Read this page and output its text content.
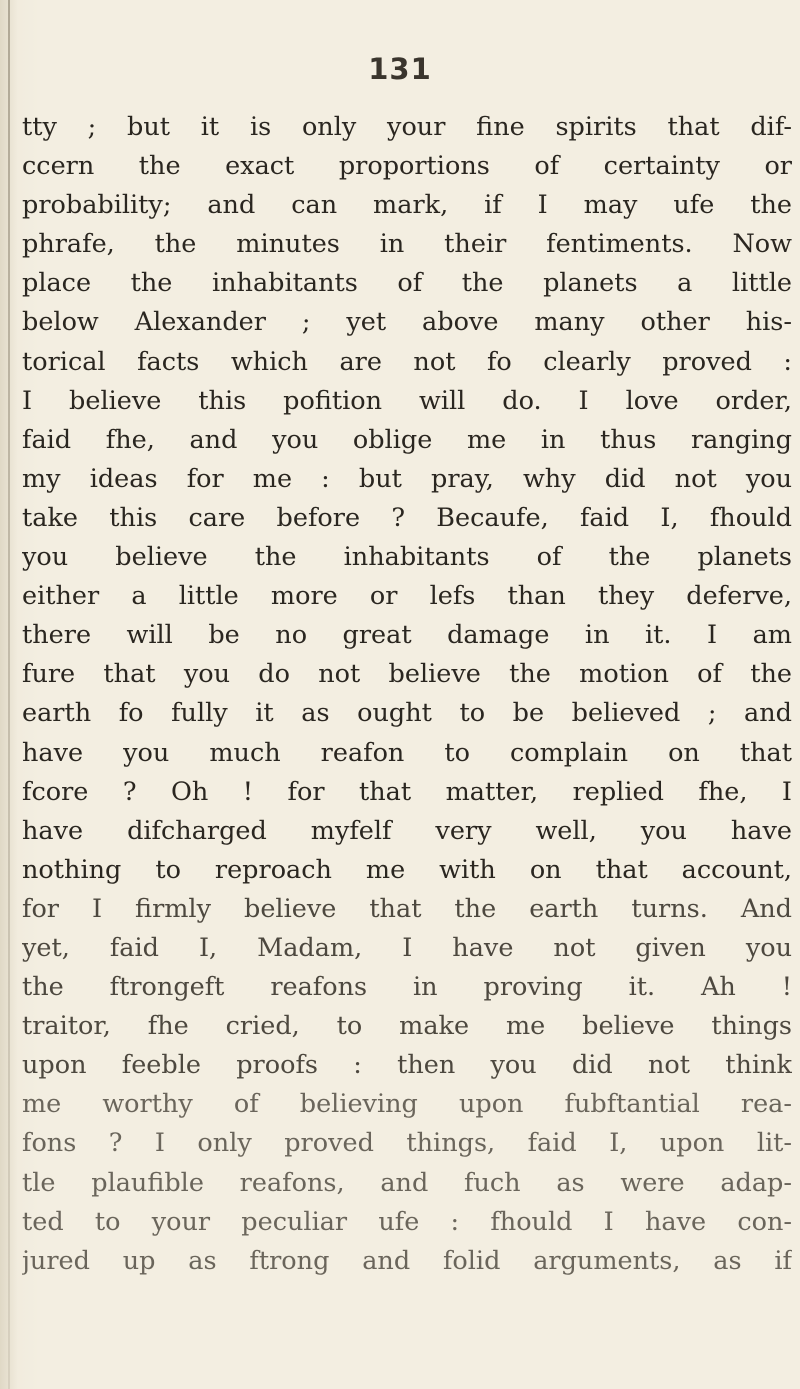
131
tty ; but it is only your fine spirits that dif-
ccern the exact proportions of certainty or
probability; and can mark, if I may ufe the
phrafe, the minutes in their fentiments. Now
place the inhabitants of the planets a little
below Alexander ; yet above many other his-
torical facts which are not fo clearly proved :
I believe this pofition will do. I love order,
faid fhe, and you oblige me in thus ranging
my ideas for me : but pray, why did not you
take this care before ? Becaufe, faid I, fhould
you believe the inhabitants of the planets
either a little more or lefs than they deferve,
there will be no great damage in it. I am
fure that you do not believe the motion of the
earth fo fully it as ought to be believed ; and
have you much reafon to complain on that
fcore ? Oh ! for that matter, replied fhe, I
have difcharged myfelf very well, you have
nothing to reproach me with on that account,
for I firmly believe that the earth turns. And
yet, faid I, Madam, I have not given you
the ftrongeft reafons in proving it. Ah !
traitor, fhe cried, to make me believe things
upon feeble proofs : then you did not think
me worthy of believing upon fubftantial rea-
fons ? I only proved things, faid I, upon lit-
tle plaufible reafons, and fuch as were adap-
ted to your peculiar ufe : fhould I have con-
jured up as ftrong and folid arguments, as if
